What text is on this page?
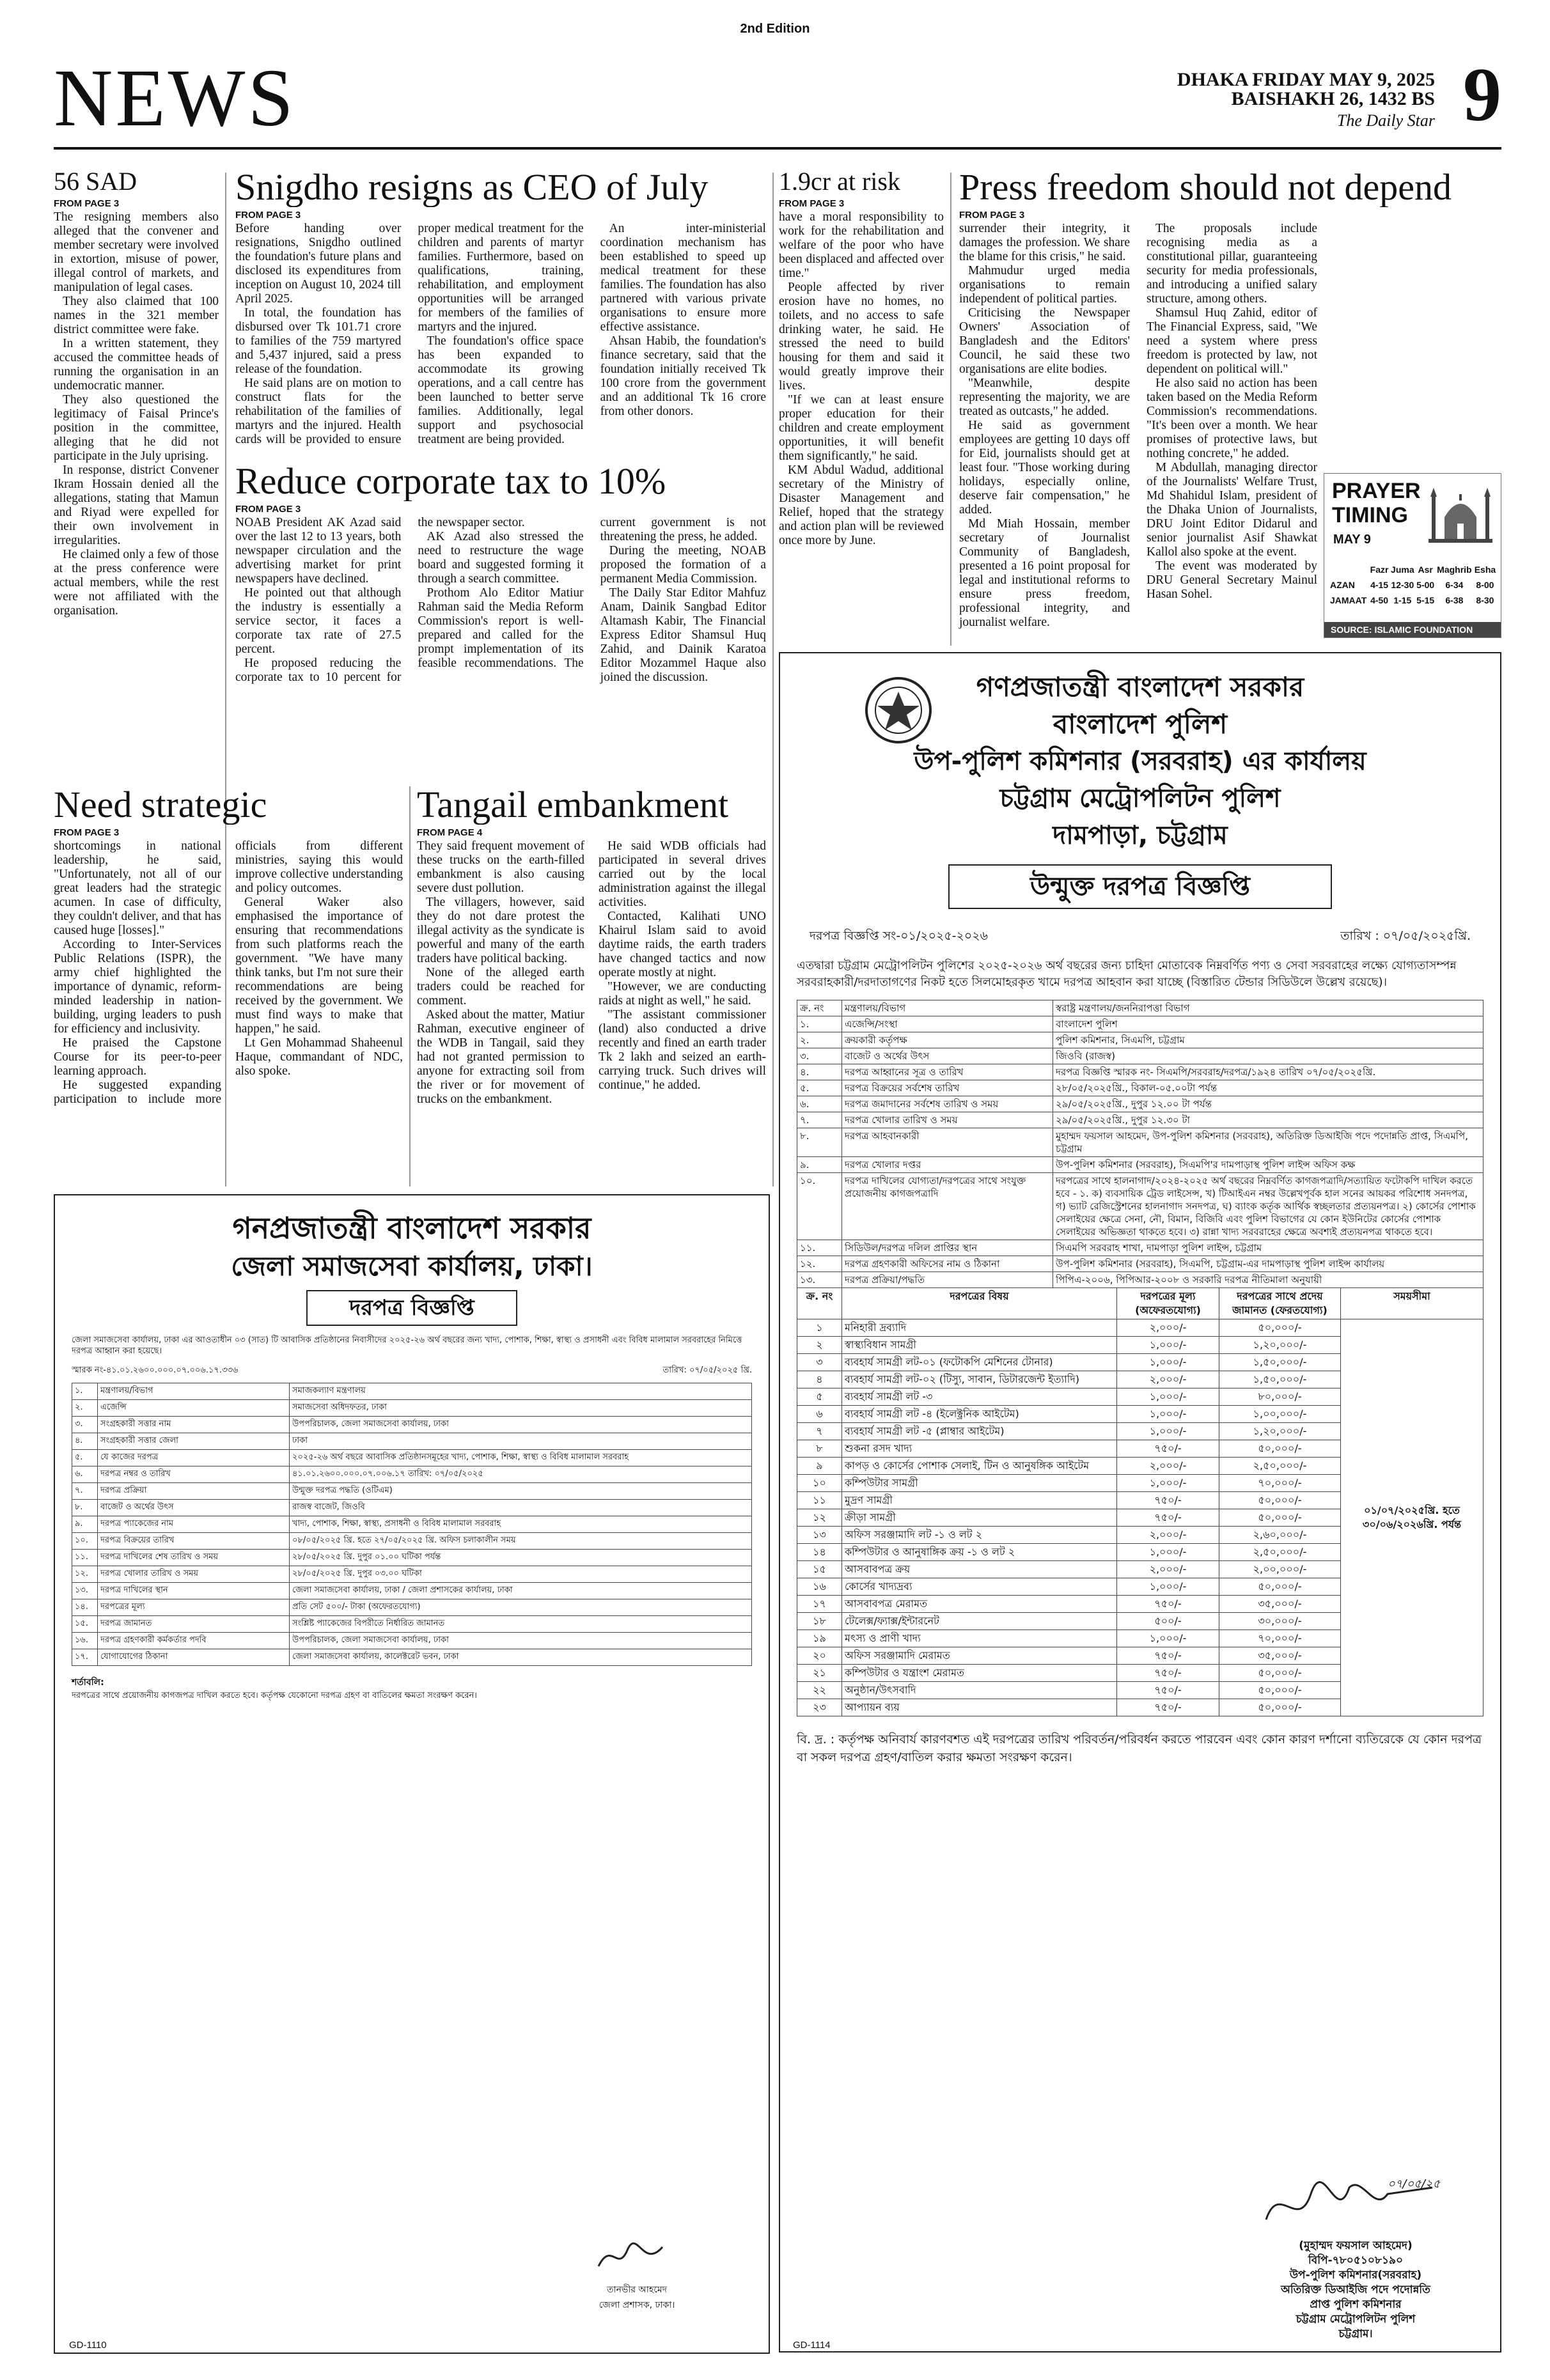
2nd Edition
NEWS	DHAKA FRIDAY MAY 9, 2025
BAISHAKH 26, 1432 BS
The Daily Star 9
56 SAD
FROM PAGE 3

The resigning members also alleged that the convener and member secretary were involved in extortion, misuse of power, illegal control of markets, and manipulation of legal cases.

They also claimed that 100 names in the 321 member district committee were fake.

In a written statement, they accused the committee heads of running the organisation in an undemocratic manner.

They also questioned the legitimacy of Faisal Prince's position in the committee, alleging that he did not participate in the July uprising.

In response, district Convener Ikram Hossain denied all the allegations, stating that Mamun and Riyad were expelled for their own involvement in irregularities.

He claimed only a few of those at the press conference were actual members, while the rest were not affiliated with the organisation.

Snigdho resigns as CEO of July
FROM PAGE 3

Before handing over resignations, Snigdho outlined the foundation's future plans and disclosed its expenditures from inception on August 10, 2024 till April 2025.

In total, the foundation has disbursed over Tk 101.71 crore to families of the 759 martyred and 5,437 injured, said a press release of the foundation.

He said plans are on motion to construct flats for the rehabilitation of the families of martyrs and the injured. Health cards will be provided to ensure proper medical treatment for the children and parents of martyr families. Furthermore, based on qualifications, training, rehabilitation, and employment opportunities will be arranged for members of the families of martyrs and the injured.

The foundation's office space has been expanded to accommodate its growing operations, and a call centre has been launched to better serve families. Additionally, legal support and psychosocial treatment are being provided.

An inter-ministerial coordination mechanism has been established to speed up medical treatment for these families. The foundation has also partnered with various private organisations to ensure more effective assistance.

Ahsan Habib, the foundation's finance secretary, said that the foundation initially received Tk 100 crore from the government and an additional Tk 16 crore from other donors.

Reduce corporate tax to 10%
FROM PAGE 3

NOAB President AK Azad said over the last 12 to 13 years, both newspaper circulation and the advertising market for print newspapers have declined.

He pointed out that although the industry is essentially a service sector, it faces a corporate tax rate of 27.5 percent.

He proposed reducing the corporate tax to 10 percent for the newspaper sector.

AK Azad also stressed the need to restructure the wage board and suggested forming it through a search committee.

Prothom Alo Editor Matiur Rahman said the Media Reform Commission's report is well-prepared and called for the prompt implementation of its feasible recommendations. The current government is not threatening the press, he added.

During the meeting, NOAB proposed the formation of a permanent Media Commission.

The Daily Star Editor Mahfuz Anam, Dainik Sangbad Editor Altamash Kabir, The Financial Express Editor Shamsul Huq Zahid, and Dainik Karatoa Editor Mozammel Haque also joined the discussion.

1.9cr at risk
FROM PAGE 3

have a moral responsibility to work for the rehabilitation and welfare of the poor who have been displaced and affected over time."

People affected by river erosion have no homes, no toilets, and no access to safe drinking water, he said. He stressed the need to build housing for them and said it would greatly improve their lives.

"If we can at least ensure proper education for their children and create employment opportunities, it will benefit them significantly," he said.

KM Abdul Wadud, additional secretary of the Ministry of Disaster Management and Relief, hoped that the strategy and action plan will be reviewed once more by June.

Press freedom should not depend
FROM PAGE 3

surrender their integrity, it damages the profession. We share the blame for this crisis," he said.

Mahmudur urged media organisations to remain independent of political parties.

Criticising the Newspaper Owners' Association of Bangladesh and the Editors' Council, he said these two organisations are elite bodies.

"Meanwhile, despite representing the majority, we are treated as outcasts," he added.

He said as government employees are getting 10 days off for Eid, journalists should get at least four. "Those working during holidays, especially online, deserve fair compensation," he added.

Md Miah Hossain, member secretary of Journalist Community of Bangladesh, presented a 16 point proposal for legal and institutional reforms to ensure press freedom, professional integrity, and journalist welfare.

The proposals include recognising media as a constitutional pillar, guaranteeing security for media professionals, and introducing a unified salary structure, among others.

Shamsul Huq Zahid, editor of The Financial Express, said, "We need a system where press freedom is protected by law, not dependent on political will."

He also said no action has been taken based on the Media Reform Commission's recommendations. "It's been over a month. We hear promises of protective laws, but nothing concrete," he added.

M Abdullah, managing director of the Journalists' Welfare Trust, Md Shahidul Islam, president of the Dhaka Union of Journalists, DRU Joint Editor Didarul and senior journalist Asif Shawkat Kallol also spoke at the event.

The event was moderated by DRU General Secretary Mainul Hasan Sohel.

PRAYER
TIMING
MAY 9
	Fazr	Juma	Asr	Maghrib	Esha
AZAN	4-15	12-30	5-00	6-34	8-00
JAMAAT	4-50	1-15	5-15	6-38	8-30
SOURCE: ISLAMIC FOUNDATION
Need strategic
FROM PAGE 3

shortcomings in national leadership, he said, "Unfortunately, not all of our great leaders had the strategic acumen. In case of difficulty, they couldn't deliver, and that has caused huge [losses]."

According to Inter-Services Public Relations (ISPR), the army chief highlighted the importance of dynamic, reform-minded leadership in nation-building, urging leaders to push for efficiency and inclusivity.

He praised the Capstone Course for its peer-to-peer learning approach.

He suggested expanding participation to include more officials from different ministries, saying this would improve collective understanding and policy outcomes.

General Waker also emphasised the importance of ensuring that recommendations from such platforms reach the government. "We have many think tanks, but I'm not sure their recommendations are being received by the government. We must find ways to make that happen," he said.

Lt Gen Mohammad Shaheenul Haque, commandant of NDC, also spoke.

Tangail embankment
FROM PAGE 4

They said frequent movement of these trucks on the earth-filled embankment is also causing severe dust pollution.

The villagers, however, said they do not dare protest the illegal activity as the syndicate is powerful and many of the earth traders have political backing.

None of the alleged earth traders could be reached for comment.

Asked about the matter, Matiur Rahman, executive engineer of the WDB in Tangail, said they had not granted permission to anyone for extracting soil from the river or for movement of trucks on the embankment.

He said WDB officials had participated in several drives carried out by the local administration against the illegal activities.

Contacted, Kalihati UNO Khairul Islam said to avoid daytime raids, the earth traders have changed tactics and now operate mostly at night.

"However, we are conducting raids at night as well," he said.

"The assistant commissioner (land) also conducted a drive recently and fined an earth trader Tk 2 lakh and seized an earth-carrying truck. Such drives will continue," he added.

গনপ্রজাতন্ত্রী বাংলাদেশ সরকার
জেলা সমাজসেবা কার্যালয়, ঢাকা।
দরপত্র বিজ্ঞপ্তি
জেলা সমাজসেবা কার্যালয়, ঢাকা এর আওতাধীন ০৩ (সাত) টি আবাসিক প্রতিষ্ঠানের নিবাসীদের ২০২৫-২৬ অর্থ বছরের জন্য খাদ্য, পোশাক, শিক্ষা, স্বাস্থ্য ও প্রসাধনী এবং বিবিধ মালামাল সরবরাহের নিমিত্তে দরপত্র আহ্বান করা হয়েছে।
স্মারক নং-৪১.০১.২৬০০.০০০.০৭.০০৬.১৭.৩৩৬	তারিখ: ০৭/০৫/২০২৫ খ্রি.
১.	মন্ত্রণালয়/বিভাগ	সমাজকল্যাণ মন্ত্রণালয়
২.	এজেন্সি	সমাজসেবা অধিদফতর, ঢাকা
৩.	সংগ্রহকারী সত্তার নাম	উপপরিচালক, জেলা সমাজসেবা কার্যালয়, ঢাকা
৪.	সংগ্রহকারী সত্তার জেলা	ঢাকা
৫.	যে কাজের দরপত্র	২০২৫-২৬ অর্থ বছরে আবাসিক প্রতিষ্ঠানসমূহের খাদ্য, পোশাক, শিক্ষা, স্বাস্থ্য ও বিবিধ মালামাল সরবরাহ
৬.	দরপত্র নম্বর ও তারিখ	৪১.০১.২৬০০.০০০.০৭.০০৬.১৭ তারিখ: ০৭/০৫/২০২৫
৭.	দরপত্র প্রক্রিয়া	উন্মুক্ত দরপত্র পদ্ধতি (ওটিএম)
৮.	বাজেট ও অর্থের উৎস	রাজস্ব বাজেট, জিওবি
৯.	দরপত্র প্যাকেজের নাম	খাদ্য, পোশাক, শিক্ষা, স্বাস্থ্য, প্রসাধনী ও বিবিধ মালামাল সরবরাহ
১০.	দরপত্র বিক্রয়ের তারিখ	০৮/০৫/২০২৫ খ্রি. হতে ২৭/০৫/২০২৫ খ্রি. অফিস চলাকালীন সময়
১১.	দরপত্র দাখিলের শেষ তারিখ ও সময়	২৮/০৫/২০২৫ খ্রি. দুপুর ০১.০০ ঘটিকা পর্যন্ত
১২.	দরপত্র খোলার তারিখ ও সময়	২৮/০৫/২০২৫ খ্রি. দুপুর ০৩.০০ ঘটিকা
১৩.	দরপত্র দাখিলের স্থান	জেলা সমাজসেবা কার্যালয়, ঢাকা / জেলা প্রশাসকের কার্যালয়, ঢাকা
১৪.	দরপত্রের মূল্য	প্রতি সেট ৫০০/- টাকা (অফেরতযোগ্য)
১৫.	দরপত্র জামানত	সংশ্লিষ্ট প্যাকেজের বিপরীতে নির্ধারিত জামানত
১৬.	দরপত্র গ্রহণকারী কর্মকর্তার পদবি	উপপরিচালক, জেলা সমাজসেবা কার্যালয়, ঢাকা
১৭.	যোগাযোগের ঠিকানা	জেলা সমাজসেবা কার্যালয়, কালেক্টরেট ভবন, ঢাকা
শর্তাবলি:
দরপত্রের সাথে প্রয়োজনীয় কাগজপত্র দাখিল করতে হবে। কর্তৃপক্ষ যেকোনো দরপত্র গ্রহণ বা বাতিলের ক্ষমতা সংরক্ষণ করেন।
তানভীর আহমেদ
জেলা প্রশাসক, ঢাকা।
GD-1110
গণপ্রজাতন্ত্রী বাংলাদেশ সরকার
বাংলাদেশ পুলিশ
উপ-পুলিশ কমিশনার (সরবরাহ) এর কার্যালয়
চট্টগ্রাম মেট্রোপলিটন পুলিশ
দামপাড়া, চট্টগ্রাম
উন্মুক্ত দরপত্র বিজ্ঞপ্তি
দরপত্র বিজ্ঞপ্তি সং-০১/২০২৫-২০২৬	তারিখ : ০৭/০৫/২০২৫খ্রি.
এতদ্বারা চট্টগ্রাম মেট্রোপলিটন পুলিশের ২০২৫-২০২৬ অর্থ বছরের জন্য চাহিদা মোতাবেক নিম্নবর্ণিত পণ্য ও সেবা সরবরাহের লক্ষ্যে যোগ্যতাসম্পন্ন সরবরাহকারী/দরদাতাগণের নিকট হতে সিলমোহরকৃত খামে দরপত্র আহবান করা যাচ্ছে (বিস্তারিত টেন্ডার সিডিউলে উল্লেখ রয়েছে)।
ক্র. নং	মন্ত্রণালয়/বিভাগ	স্বরাষ্ট্র মন্ত্রণালয়/জননিরাপত্তা বিভাগ
১.	এজেন্সি/সংস্থা	বাংলাদেশ পুলিশ
২.	ক্রয়কারী কর্তৃপক্ষ	পুলিশ কমিশনার, সিএমপি, চট্টগ্রাম
৩.	বাজেট ও অর্থের উৎস	জিওবি (রাজস্ব)
৪.	দরপত্র আহ্বানের সূত্র ও তারিখ	দরপত্র বিজ্ঞপ্তি স্মারক নং- সিএমপি/সরবরাহ/দরপত্র/১৯২৪ তারিখ ০৭/০৫/২০২৫খ্রি.
৫.	দরপত্র বিক্রয়ের সর্বশেষ তারিখ	২৮/০৫/২০২৫খ্রি., বিকাল-০৫.০০টা পর্যন্ত
৬.	দরপত্র জমাদানের সর্বশেষ তারিখ ও সময়	২৯/০৫/২০২৫খ্রি., দুপুর ১২.০০ টা পর্যন্ত
৭.	দরপত্র খোলার তারিখ ও সময়	২৯/০৫/২০২৫খ্রি., দুপুর ১২.৩০ টা
৮.	দরপত্র আহবানকারী	মুহাম্মদ ফয়সাল আহমেদ, উপ-পুলিশ কমিশনার (সরবরাহ), অতিরিক্ত ডিআইজি পদে পদোন্নতি প্রাপ্ত, সিএমপি, চট্টগ্রাম
৯.	দরপত্র খোলার দপ্তর	উপ-পুলিশ কমিশনার (সরবরাহ), সিএমপি'র দামপাড়াস্থ পুলিশ লাইন্স অফিস কক্ষ
১০.	দরপত্র দাখিলের যোগ্যতা/দরপত্রের সাথে সংযুক্ত প্রয়োজনীয় কাগজপত্রাদি	দরপত্রের সাথে হালনাগাদ/২০২৪-২০২৫ অর্থ বছরের নিম্নবর্ণিত কাগজপত্রাদি/সত্যায়িত ফটোকপি দাখিল করতে হবে - ১. ক) ব্যবসায়িক ট্রেড লাইসেন্স, খ) টিআইএন নম্বর উল্লেখপূর্বক হাল সনের আয়কর পরিশোধ সনদপত্র, গ) ভ্যাট রেজিস্ট্রেশনের হালনাগাদ সনদপত্র, ঘ) ব্যাংক কর্তৃক আর্থিক স্বচ্ছলতার প্রত্যয়নপত্র। ২) কোর্সের পোশাক সেলাইয়ের ক্ষেত্রে সেনা, নৌ, বিমান, বিজিবি এবং পুলিশ বিভাগের যে কোন ইউনিটের কোর্সের পোশাক সেলাইয়ের অভিজ্ঞতা থাকতে হবে। ৩) রান্না খাদ্য সরবরাহের ক্ষেত্রে অবশ্যই প্রত্যয়নপত্র থাকতে হবে।
১১.	সিডিউল/দরপত্র দলিল প্রাপ্তির স্থান	সিএমপি সরবরাহ শাখা, দামপাড়া পুলিশ লাইন্স, চট্টগ্রাম
১২.	দরপত্র গ্রহণকারী অফিসের নাম ও ঠিকানা	উপ-পুলিশ কমিশনার (সরবরাহ), সিএমপি, চট্টগ্রাম-এর দামপাড়াস্থ পুলিশ লাইন্স কার্যালয়
১৩.	দরপত্র প্রক্রিয়া/পদ্ধতি	পিপিএ-২০০৬, পিপিআর-২০০৮ ও সরকারি দরপত্র নীতিমালা অনুযায়ী
ক্র. নং	দরপত্রের বিষয়	দরপত্রের মূল্য (অফেরতযোগ্য)	দরপত্রের সাথে প্রদেয় জামানত (ফেরতযোগ্য)	সময়সীমা
১	মনিহারী দ্রব্যাদি	২,০০০/-	৫০,০০০/-	০১/০৭/২০২৫খ্রি. হতে ৩০/০৬/২০২৬খ্রি. পর্যন্ত
২	স্বাস্থ্যবিধান সামগ্রী	১,০০০/-	১,২০,০০০/-	
৩	ব্যবহার্য সামগ্রী লট-০১ (ফটোকপি মেশিনের টোনার)	১,০০০/-	১,৫০,০০০/-	
৪	ব্যবহার্য সামগ্রী লট-০২ (টিস্যু, সাবান, ডিটারজেন্ট ইত্যাদি)	২,০০০/-	১,৫০,০০০/-	
৫	ব্যবহার্য সামগ্রী লট -৩	১,০০০/-	৮০,০০০/-	
৬	ব্যবহার্য সামগ্রী লট -৪ (ইলেক্ট্রনিক আইটেম)	১,০০০/-	১,০০,০০০/-	
৭	ব্যবহার্য সামগ্রী লট -৫ (প্লাম্বার আইটেম)	১,০০০/-	১,২০,০০০/-	
৮	শুকনা রসদ খাদ্য	৭৫০/-	৫০,০০০/-	
৯	কাপড় ও কোর্সের পোশাক সেলাই, টিন ও আনুষঙ্গিক আইটেম	২,০০০/-	২,৫০,০০০/-	
১০	কম্পিউটার সামগ্রী	১,০০০/-	৭০,০০০/-	
১১	মুদ্রণ সামগ্রী	৭৫০/-	৫০,০০০/-	
১২	ক্রীড়া সামগ্রী	৭৫০/-	৫০,০০০/-	
১৩	অফিস সরঞ্জামাদি লট -১ ও লট ২	২,০০০/-	২,৬০,০০০/-	
১৪	কম্পিউটার ও আনুষাঙ্গিক ক্রয় -১ ও লট ২	১,০০০/-	২,৫০,০০০/-	
১৫	আসবাবপত্র ক্রয়	২,০০০/-	২,০০,০০০/-	
১৬	কোর্সের খাদ্যদ্রব্য	১,০০০/-	৫০,০০০/-	
১৭	আসবাবপত্র মেরামত	৭৫০/-	৩৫,০০০/-	
১৮	টেলেক্স/ফ্যাক্স/ইন্টারনেট	৫০০/-	৩০,০০০/-	
১৯	মৎস্য ও প্রাণী খাদ্য	১,০০০/-	৭০,০০০/-	
২০	অফিস সরঞ্জামাদি মেরামত	৭৫০/-	৩৫,০০০/-	
২১	কম্পিউটার ও যন্ত্রাংশ মেরামত	৭৫০/-	৫০,০০০/-	
২২	অনুষ্ঠান/উৎসবাদি	৭৫০/-	৫০,০০০/-	
২৩	আপ্যায়ন ব্যয়	৭৫০/-	৫০,০০০/-	
বি. দ্র. : কর্তৃপক্ষ অনিবার্য কারণবশত এই দরপত্রের তারিখ পরিবর্তন/পরিবর্ধন করতে পারবেন এবং কোন কারণ দর্শানো ব্যতিরেকে যে কোন দরপত্র বা সকল দরপত্র গ্রহণ/বাতিল করার ক্ষমতা সংরক্ষণ করেন।
০৭/০৫/২৫
(মুহাম্মদ ফয়সাল আহমেদ)
বিপি-৭৮০৫১০৮১৯০
উপ-পুলিশ কমিশনার(সরবরাহ)
অতিরিক্ত ডিআইজি পদে পদোন্নতি
প্রাপ্ত পুলিশ কমিশনার
চট্টগ্রাম মেট্রোপলিটন পুলিশ
চট্টগ্রাম।
GD-1114
